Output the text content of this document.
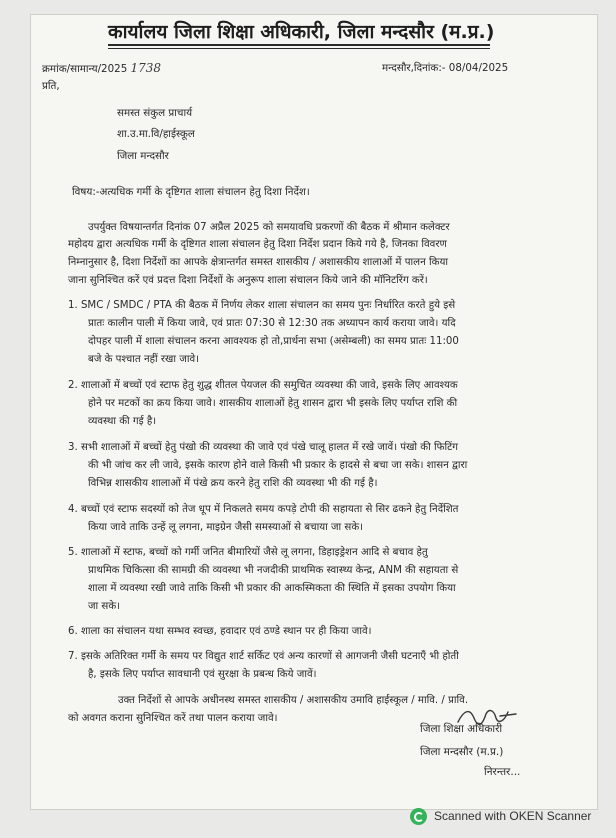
कार्यालय जिला शिक्षा अधिकारी, जिला मन्दसौर (म.प्र.)
क्रमांक/सामान्य/2025 1738	मन्दसौर,दिनांक:- 08/04/2025
प्रति,
समस्त संकुल प्राचार्य
शा.उ.मा.वि/हाईस्कूल
जिला मन्दसौर
विषय:-अत्यधिक गर्मी के दृष्टिगत शाला संचालन हेतु दिशा निर्देश।
उपर्युक्त विषयान्तर्गत दिनांक 07 अप्रैल 2025 को समयावधि प्रकरणों की बैठक में श्रीमान कलेक्टर
महोदय द्वारा अत्यधिक गर्मी के दृष्टिगत शाला संचालन हेतु दिशा निर्देश प्रदान किये गये है, जिनका विवरण
निम्नानुसार है, दिशा निर्देशों का आपके क्षेत्रान्तर्गत समस्त शासकीय / अशासकीय शालाओं में पालन किया
जाना सुनिश्चित करें एवं प्रदत्त दिशा निर्देशों के अनुरूप शाला संचालन किये जाने की मॉनिटरिंग करें।
1. SMC / SMDC / PTA की बैठक में निर्णय लेकर शाला संचालन का समय पुनः निर्धारित करते हुये इसे
प्रातः कालीन पाली में किया जावे, एवं प्रातः 07:30 से 12:30 तक अध्यापन कार्य कराया जावे। यदि
दोपहर पाली में शाला संचालन करना आवश्यक हो तो,प्रार्थना सभा (असेम्बली) का समय प्रातः 11:00
बजे के पश्चात नहीं रखा जावे।
2. शालाओं में बच्चों एवं स्टाफ हेतु शुद्ध शीतल पेयजल की समुचित व्यवस्था की जावे, इसके लिए आवश्यक
होने पर मटकों का क्रय किया जावे। शासकीय शालाओं हेतु शासन द्वारा भी इसके लिए पर्याप्त राशि की
व्यवस्था की गई है।
3. सभी शालाओं में बच्चों हेतु पंखो की व्यवस्था की जावे एवं पंखे चालू हालत में रखे जावें। पंखो की फिटिंग
की भी जांच कर ली जावे, इसके कारण होने वाले किसी भी प्रकार के हादसे से बचा जा सके। शासन द्वारा
विभिन्न शासकीय शालाओं में पंखे क्रय करने हेतु राशि की व्यवस्था भी की गई है।
4. बच्चों एवं स्टाफ सदस्यों को तेज धूप में निकलते समय कपड़े टोपी की सहायता से सिर ढकने हेतु निर्देशित
किया जावे ताकि उन्हें लू लगना, माइग्रेन जैसी समस्याओं से बचाया जा सके।
5. शालाओं में स्टाफ, बच्चों को गर्मी जनित बीमारियों जैसे लू लगना, डिहाइड्रेशन आदि से बचाव हेतु
प्राथमिक चिकित्सा की सामग्री की व्यवस्था भी नजदीकी प्राथमिक स्वास्थ्य केन्द्र, ANM की सहायता से
शाला में व्यवस्था रखी जावे ताकि किसी भी प्रकार की आकस्मिकता की स्थिति में इसका उपयोग किया
जा सके।
6. शाला का संचालन यथा सम्भव स्वच्छ, हवादार एवं ठण्डे स्थान पर ही किया जावे।
7. इसके अतिरिक्त गर्मी के समय पर विद्युत शार्ट सर्किट एवं अन्य कारणों से आगजनी जैसी घटनाएँ भी होती
है, इसके लिए पर्याप्त सावधानी एवं सुरक्षा के प्रबन्ध किये जावें।
उक्त निर्देशों से आपके अधीनस्थ समस्त शासकीय / अशासकीय उमावि हाईस्कूल / मावि. / प्रावि.
को अवगत कराना सुनिश्चित करें तथा पालन कराया जावे।
जिला शिक्षा अधिकारी
जिला मन्दसौर (म.प्र.)
निरन्तर...
Scanned with OKEN Scanner
